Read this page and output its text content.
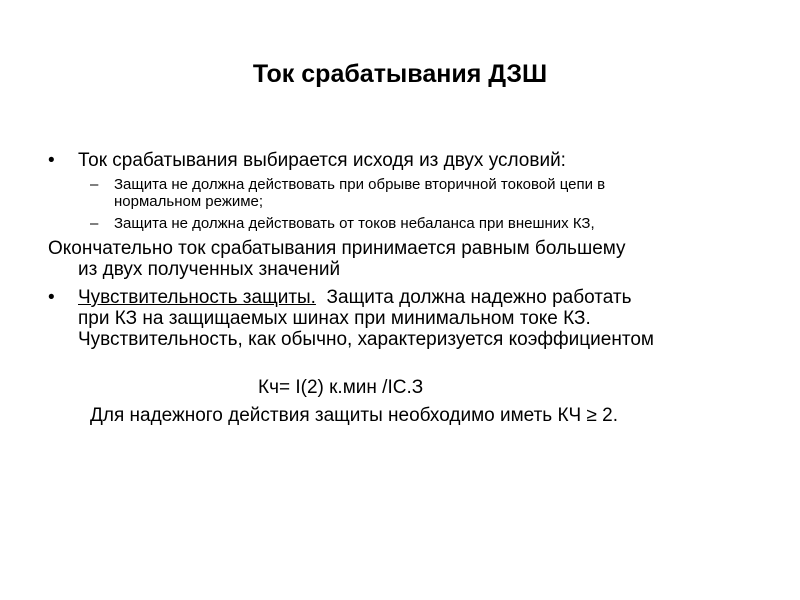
Ток срабатывания ДЗШ
• Ток срабатывания выбирается исходя из двух условий:
– Защита не должна действовать при обрыве вторичной токовой цепи в
нормальном режиме;
– Защита не должна действовать от токов небаланса при внешних КЗ,
Окончательно ток срабатывания принимается равным большему
из двух полученных значений
• Чувствительность защиты.  Защита должна надежно работать
при КЗ на защищаемых шинах при минимальном токе КЗ.
Чувствительность, как обычно, характеризуется коэффициентом
Кч= I(2) к.мин /IС.З
Для надежного действия защиты необходимо иметь КЧ ≥ 2.
